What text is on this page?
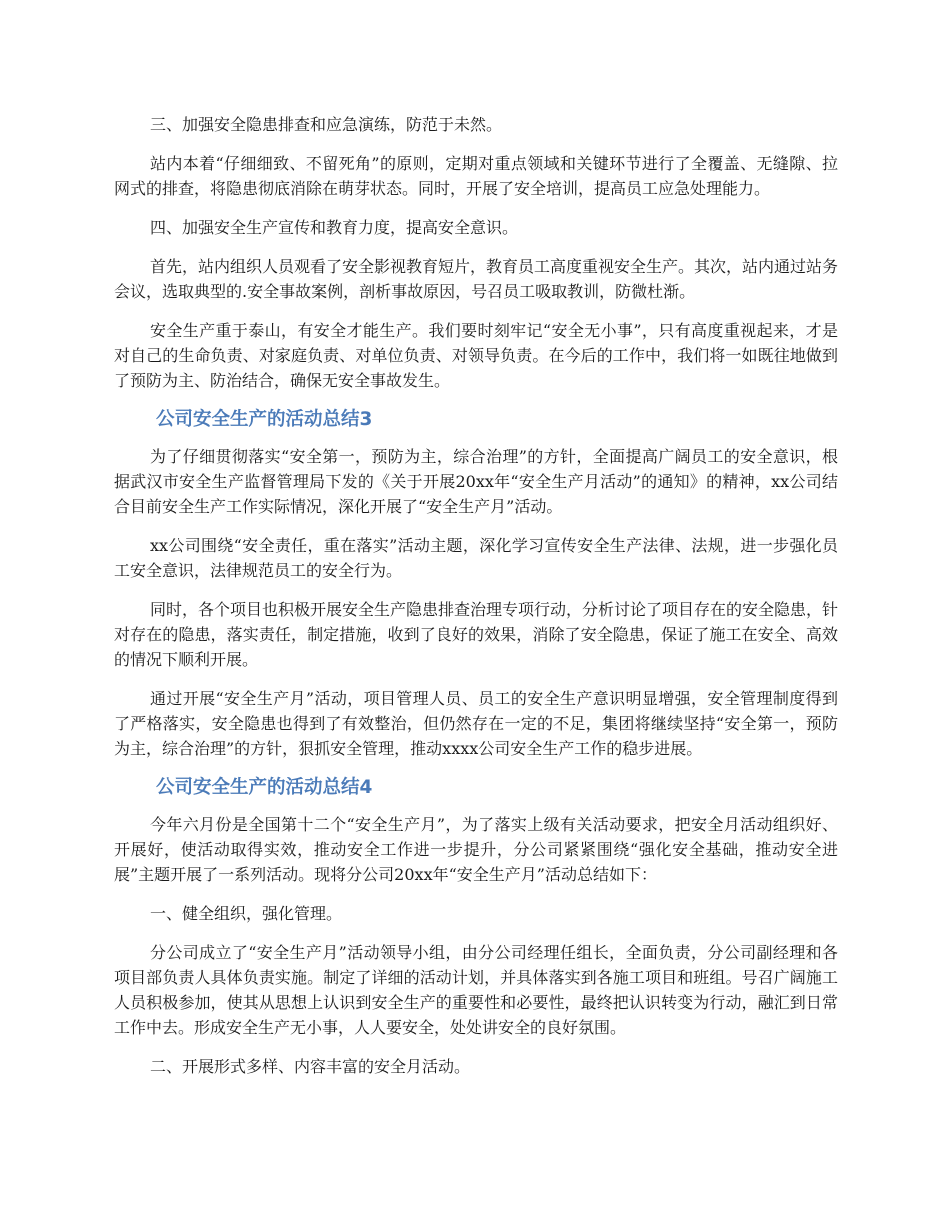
三、加强安全隐患排查和应急演练，防范于未然。

站内本着“仔细细致、不留死角”的原则，定期对重点领域和关键环节进行了全覆盖、无缝隙、拉网式的排查，将隐患彻底消除在萌芽状态。同时，开展了安全培训，提高员工应急处理能力。

四、加强安全生产宣传和教育力度，提高安全意识。

首先，站内组织人员观看了安全影视教育短片，教育员工高度重视安全生产。其次，站内通过站务会议，选取典型的.安全事故案例，剖析事故原因，号召员工吸取教训，防微杜渐。

安全生产重于泰山，有安全才能生产。我们要时刻牢记“安全无小事”，只有高度重视起来，才是对自己的生命负责、对家庭负责、对单位负责、对领导负责。在今后的工作中，我们将一如既往地做到了预防为主、防治结合，确保无安全事故发生。

公司安全生产的活动总结3

为了仔细贯彻落实“安全第一，预防为主，综合治理”的方针，全面提高广阔员工的安全意识，根据武汉市安全生产监督管理局下发的《关于开展20xx年“安全生产月活动”的通知》的精神，xx公司结合目前安全生产工作实际情况，深化开展了“安全生产月”活动。

xx公司围绕“安全责任，重在落实”活动主题，深化学习宣传安全生产法律、法规，进一步强化员工安全意识，法律规范员工的安全行为。

同时，各个项目也积极开展安全生产隐患排查治理专项行动，分析讨论了项目存在的安全隐患，针对存在的隐患，落实责任，制定措施，收到了良好的效果，消除了安全隐患，保证了施工在安全、高效的情况下顺利开展。

通过开展“安全生产月”活动，项目管理人员、员工的安全生产意识明显增强，安全管理制度得到了严格落实，安全隐患也得到了有效整治，但仍然存在一定的不足，集团将继续坚持“安全第一，预防为主，综合治理”的方针，狠抓安全管理，推动xxxx公司安全生产工作的稳步进展。

公司安全生产的活动总结4

今年六月份是全国第十二个“安全生产月”，为了落实上级有关活动要求，把安全月活动组织好、开展好，使活动取得实效，推动安全工作进一步提升，分公司紧紧围绕“强化安全基础，推动安全进展”主题开展了一系列活动。现将分公司20xx年“安全生产月”活动总结如下：

一、健全组织，强化管理。

分公司成立了“安全生产月”活动领导小组，由分公司经理任组长，全面负责，分公司副经理和各项目部负责人具体负责实施。制定了详细的活动计划，并具体落实到各施工项目和班组。号召广阔施工人员积极参加，使其从思想上认识到安全生产的重要性和必要性，最终把认识转变为行动，融汇到日常工作中去。形成安全生产无小事，人人要安全，处处讲安全的良好氛围。

二、开展形式多样、内容丰富的安全月活动。
